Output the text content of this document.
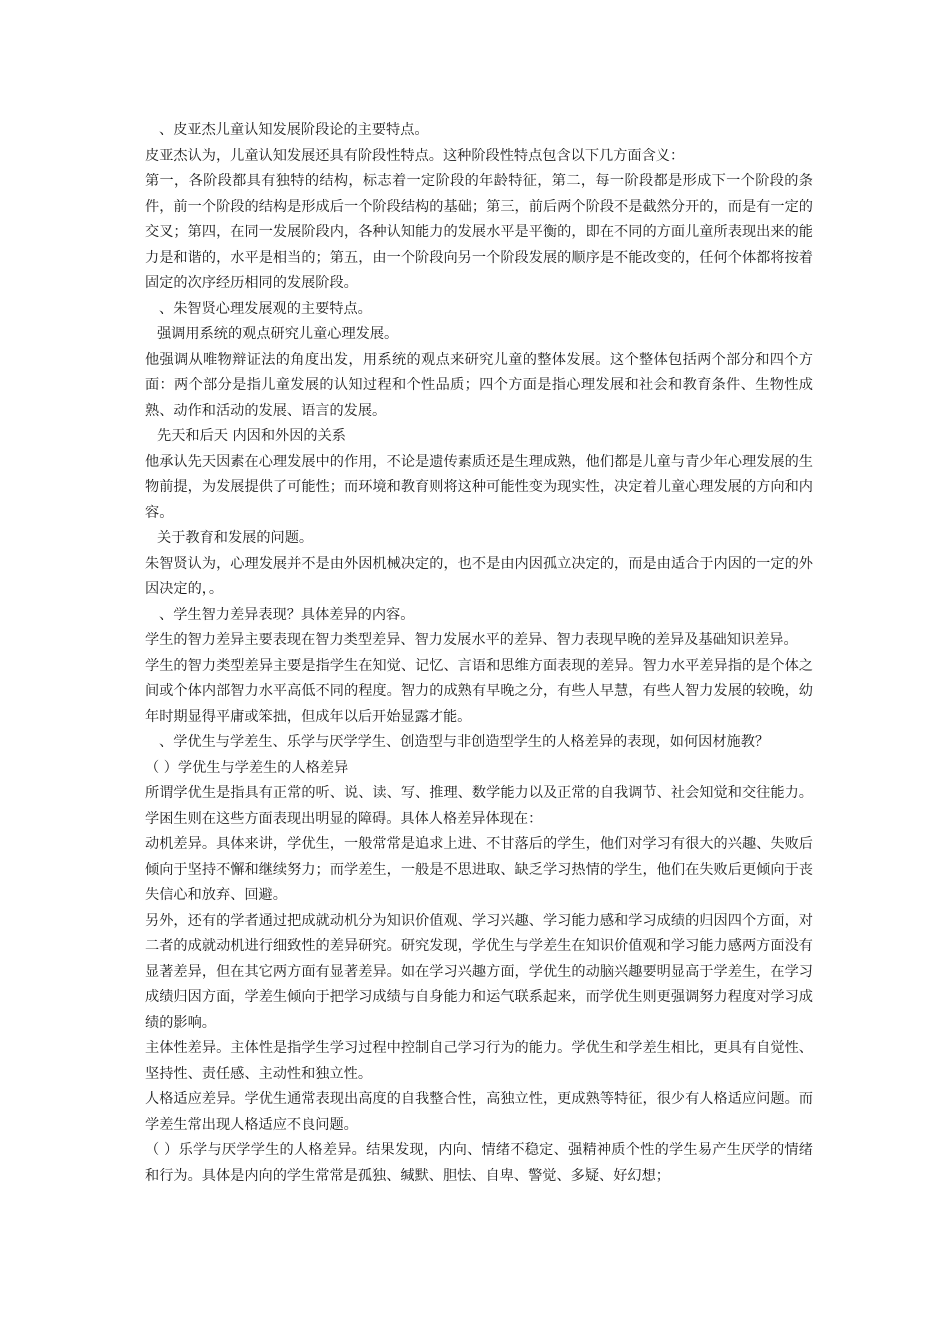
、皮亚杰儿童认知发展阶段论的主要特点。

皮亚杰认为，儿童认知发展还具有阶段性特点。这种阶段性特点包含以下几方面含义：

第一，各阶段都具有独特的结构，标志着一定阶段的年龄特征，第二，每一阶段都是形成下一个阶段的条件，前一个阶段的结构是形成后一个阶段结构的基础；第三，前后两个阶段不是截然分开的，而是有一定的交叉；第四，在同一发展阶段内，各种认知能力的发展水平是平衡的，即在不同的方面儿童所表现出来的能力是和谐的，水平是相当的；第五，由一个阶段向另一个阶段发展的顺序是不能改变的，任何个体都将按着固定的次序经历相同的发展阶段。

、朱智贤心理发展观的主要特点。

强调用系统的观点研究儿童心理发展。

他强调从唯物辩证法的角度出发，用系统的观点来研究儿童的整体发展。这个整体包括两个部分和四个方面：两个部分是指儿童发展的认知过程和个性品质；四个方面是指心理发展和社会和教育条件、生物性成熟、动作和活动的发展、语言的发展。

先天和后天 内因和外因的关系

他承认先天因素在心理发展中的作用，不论是遗传素质还是生理成熟，他们都是儿童与青少年心理发展的生物前提，为发展提供了可能性；而环境和教育则将这种可能性变为现实性，决定着儿童心理发展的方向和内容。

关于教育和发展的问题。

朱智贤认为，心理发展并不是由外因机械决定的，也不是由内因孤立决定的，而是由适合于内因的一定的外因决定的，。

、学生智力差异表现？具体差异的内容。

学生的智力差异主要表现在智力类型差异、智力发展水平的差异、智力表现早晚的差异及基础知识差异。

学生的智力类型差异主要是指学生在知觉、记忆、言语和思维方面表现的差异。智力水平差异指的是个体之间或个体内部智力水平高低不同的程度。智力的成熟有早晚之分，有些人早慧，有些人智力发展的较晚，幼年时期显得平庸或笨拙，但成年以后开始显露才能。

、学优生与学差生、乐学与厌学学生、创造型与非创造型学生的人格差异的表现，如何因材施教？

（ ）学优生与学差生的人格差异

所谓学优生是指具有正常的听、说、读、写、推理、数学能力以及正常的自我调节、社会知觉和交往能力。学困生则在这些方面表现出明显的障碍。具体人格差异体现在：

动机差异。具体来讲，学优生，一般常常是追求上进、不甘落后的学生，他们对学习有很大的兴趣、失败后倾向于坚持不懈和继续努力；而学差生，一般是不思进取、缺乏学习热情的学生，他们在失败后更倾向于丧失信心和放弃、回避。

另外，还有的学者通过把成就动机分为知识价值观、学习兴趣、学习能力感和学习成绩的归因四个方面，对二者的成就动机进行细致性的差异研究。研究发现，学优生与学差生在知识价值观和学习能力感两方面没有显著差异，但在其它两方面有显著差异。如在学习兴趣方面，学优生的动脑兴趣要明显高于学差生，在学习成绩归因方面，学差生倾向于把学习成绩与自身能力和运气联系起来，而学优生则更强调努力程度对学习成绩的影响。

主体性差异。主体性是指学生学习过程中控制自己学习行为的能力。学优生和学差生相比，更具有自觉性、坚持性、责任感、主动性和独立性。

人格适应差异。学优生通常表现出高度的自我整合性，高独立性，更成熟等特征，很少有人格适应问题。而学差生常出现人格适应不良问题。

（ ）乐学与厌学学生的人格差异。结果发现，内向、情绪不稳定、强精神质个性的学生易产生厌学的情绪和行为。具体是内向的学生常常是孤独、缄默、胆怯、自卑、警觉、多疑、好幻想；
